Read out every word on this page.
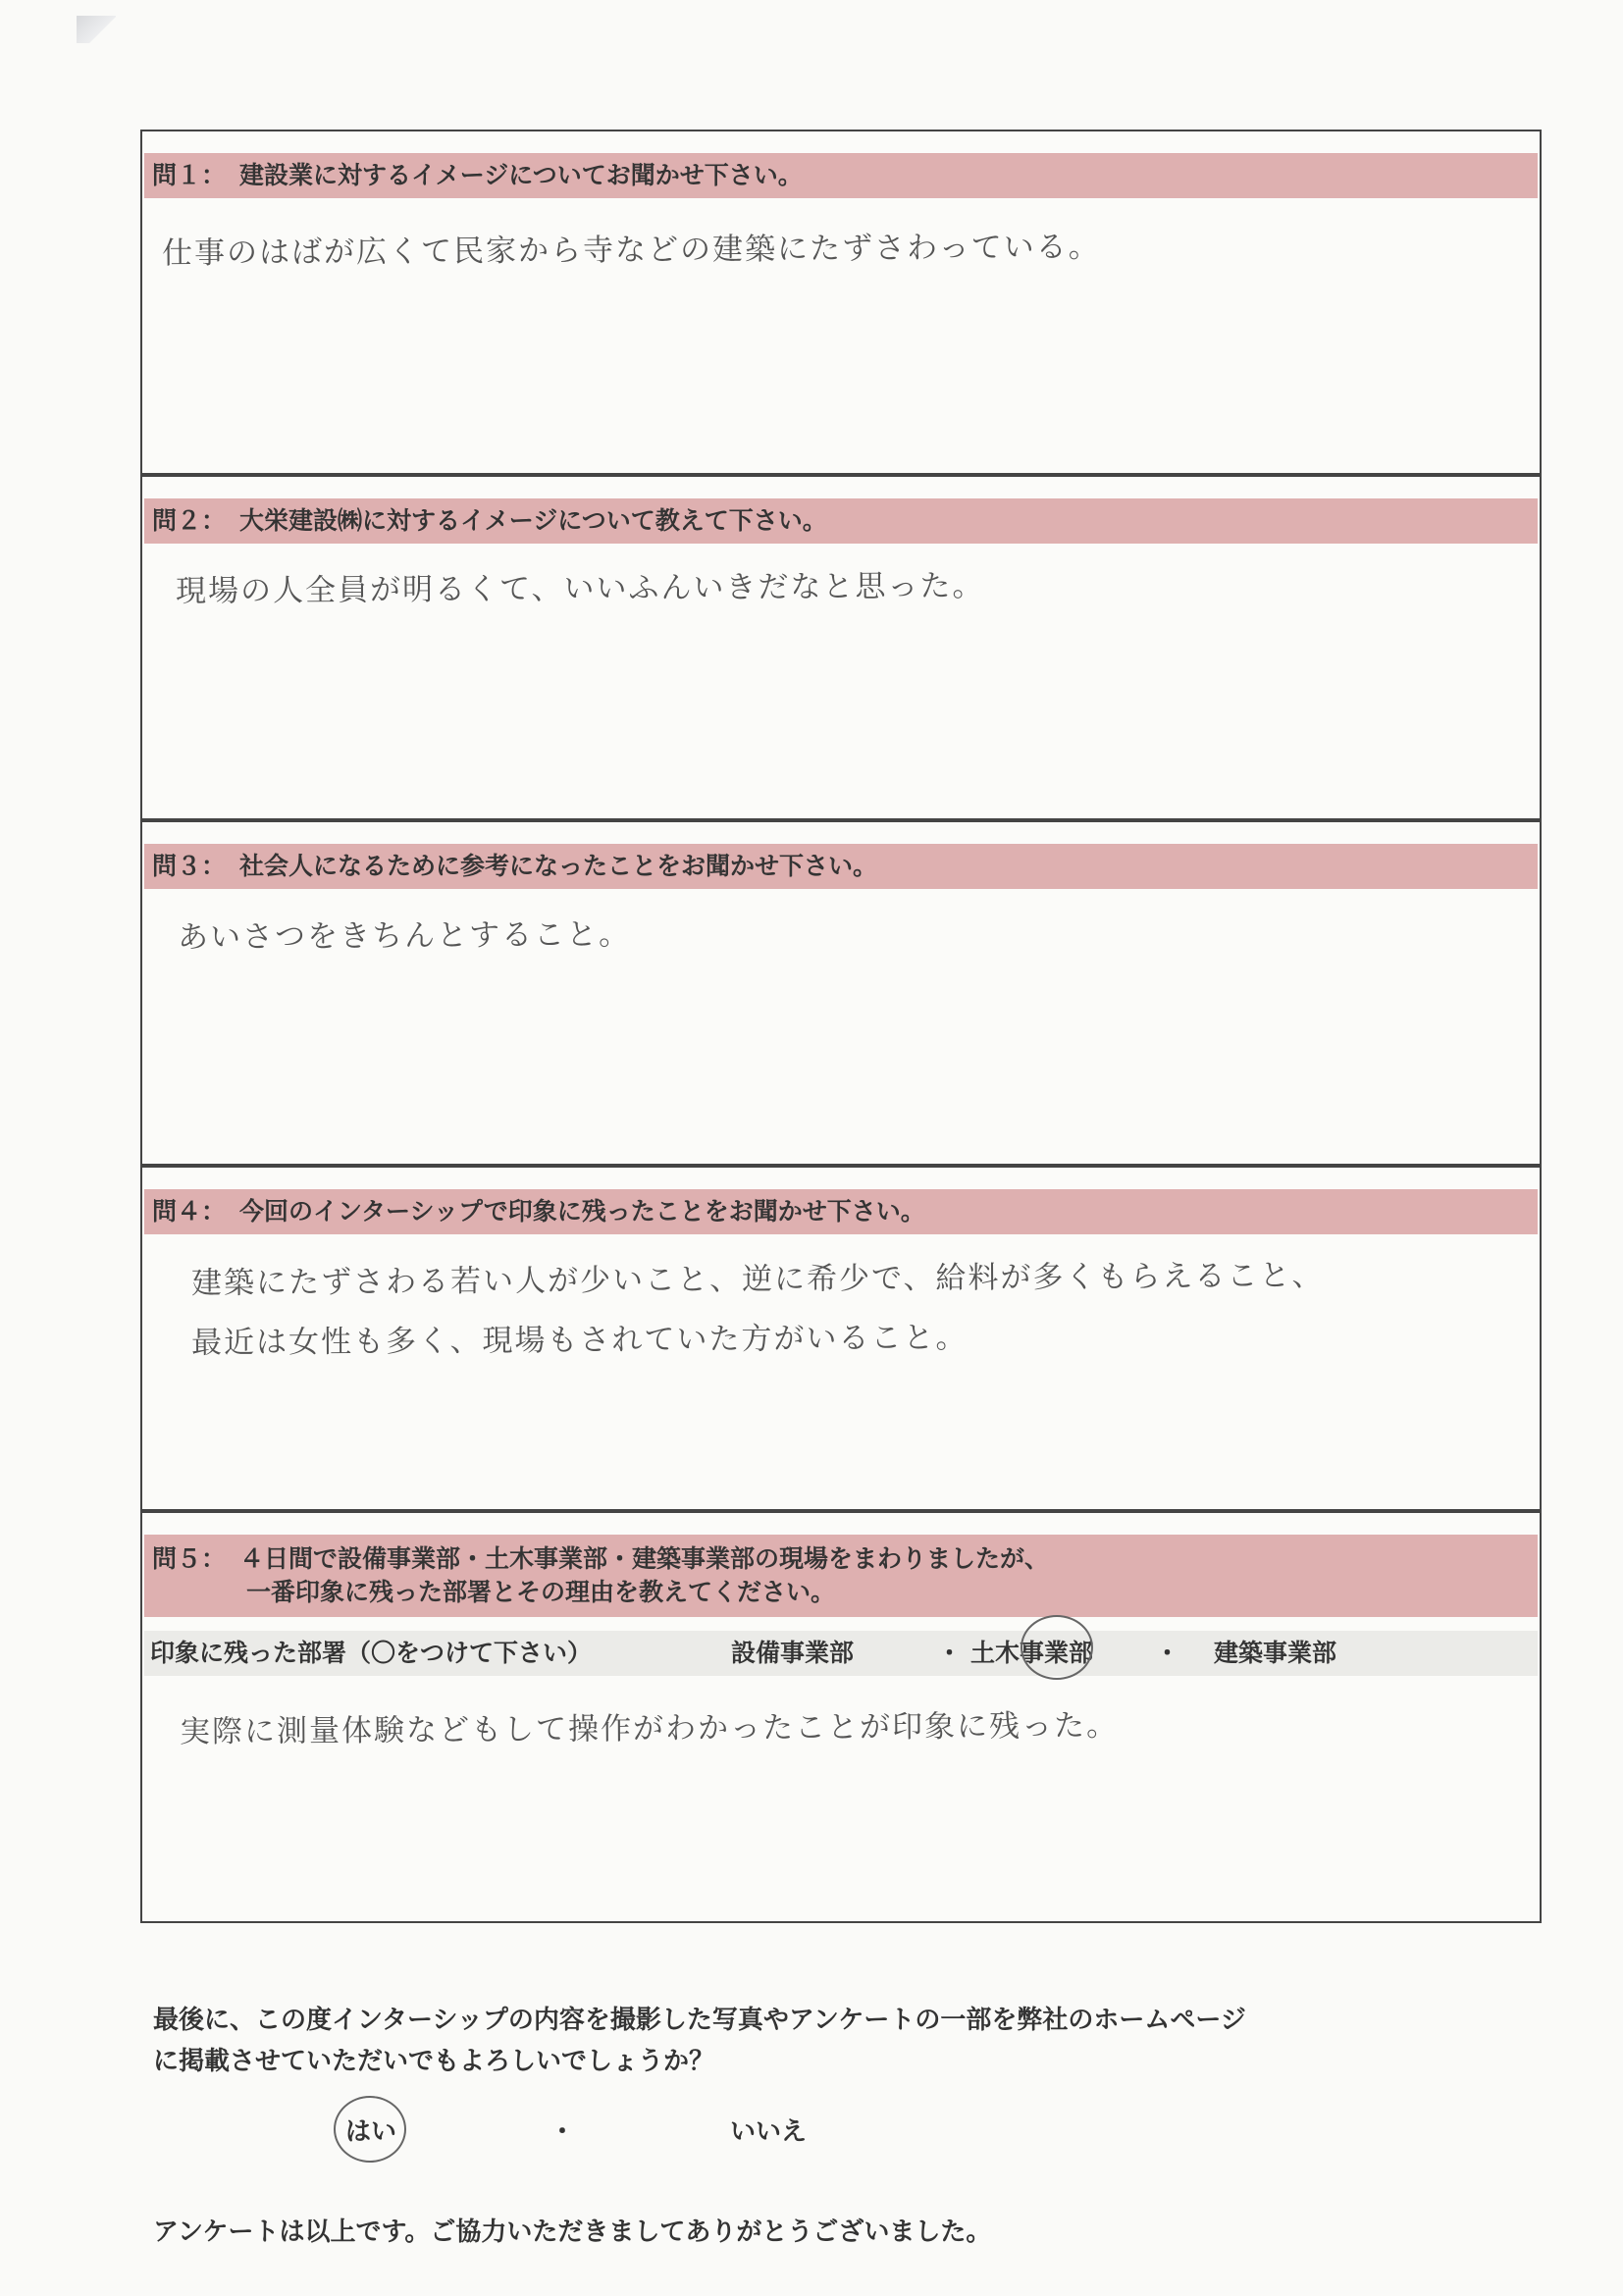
問１： 建設業に対するイメージについてお聞かせ下さい。
仕事のはばが広くて民家から寺などの建築にたずさわっている。
問２： 大栄建設㈱に対するイメージについて教えて下さい。
現場の人全員が明るくて、いいふんいきだなと思った。
問３： 社会人になるために参考になったことをお聞かせ下さい。
あいさつをきちんとすること。
問４： 今回のインターシップで印象に残ったことをお聞かせ下さい。
建築にたずさわる若い人が少いこと、逆に希少で、給料が多くもらえること、
最近は女性も多く、現場もされていた方がいること。
問５： ４日間で設備事業部・土木事業部・建築事業部の現場をまわりましたが、
一番印象に残った部署とその理由を教えてください。
印象に残った部署（〇をつけて下さい）	設備事業部	・ 土木事業部	・ 建築事業部
実際に測量体験などもして操作がわかったことが印象に残った。
最後に、この度インターシップの内容を撮影した写真やアンケートの一部を弊社のホームページ
に掲載させていただいでもよろしいでしょうか？
はい	・	いいえ
アンケートは以上です。ご協力いただきましてありがとうございました。
